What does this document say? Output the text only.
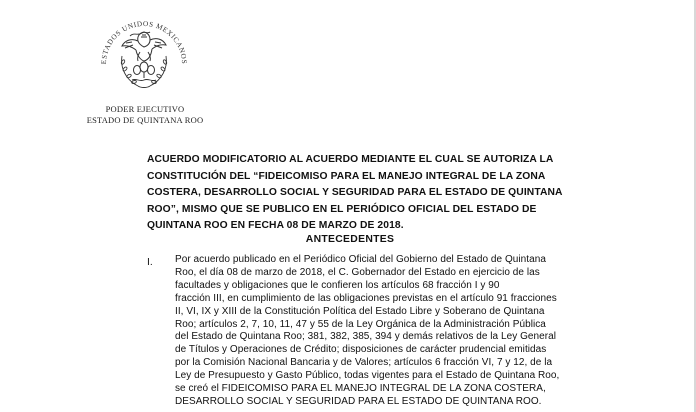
ESTADOS UNIDOS MEXICANOS
PODER EJECUTIVO
ESTADO DE QUINTANA ROO
ACUERDO MODIFICATORIO AL ACUERDO MEDIANTE EL CUAL SE AUTORIZA LA
CONSTITUCIÓN DEL “FIDEICOMISO PARA EL MANEJO INTEGRAL DE LA ZONA
COSTERA, DESARROLLO SOCIAL Y SEGURIDAD PARA EL ESTADO DE QUINTANA
ROO”, MISMO QUE SE PUBLICO EN EL PERIÓDICO OFICIAL DEL ESTADO DE
QUINTANA ROO EN FECHA 08 DE MARZO DE 2018.
ANTECEDENTES
I. Por acuerdo publicado en el Periódico Oficial del Gobierno del Estado de Quintana
Roo, el día 08 de marzo de 2018, el C. Gobernador del Estado en ejercicio de las
facultades y obligaciones que le confieren los artículos 68 fracción I y 90
fracción III, en cumplimiento de las obligaciones previstas en el artículo 91 fracciones
II, VI, IX y XIII de la Constitución Política del Estado Libre y Soberano de Quintana
Roo; artículos 2, 7, 10, 11, 47 y 55 de la Ley Orgánica de la Administración Pública
del Estado de Quintana Roo; 381, 382, 385, 394 y demás relativos de la Ley General
de Títulos y Operaciones de Crédito; disposiciones de carácter prudencial emitidas
por la Comisión Nacional Bancaria y de Valores; artículos 6 fracción VI, 7 y 12, de la
Ley de Presupuesto y Gasto Público, todas vigentes para el Estado de Quintana Roo,
se creó el FIDEICOMISO PARA EL MANEJO INTEGRAL DE LA ZONA COSTERA,
DESARROLLO SOCIAL Y SEGURIDAD PARA EL ESTADO DE QUINTANA ROO.
